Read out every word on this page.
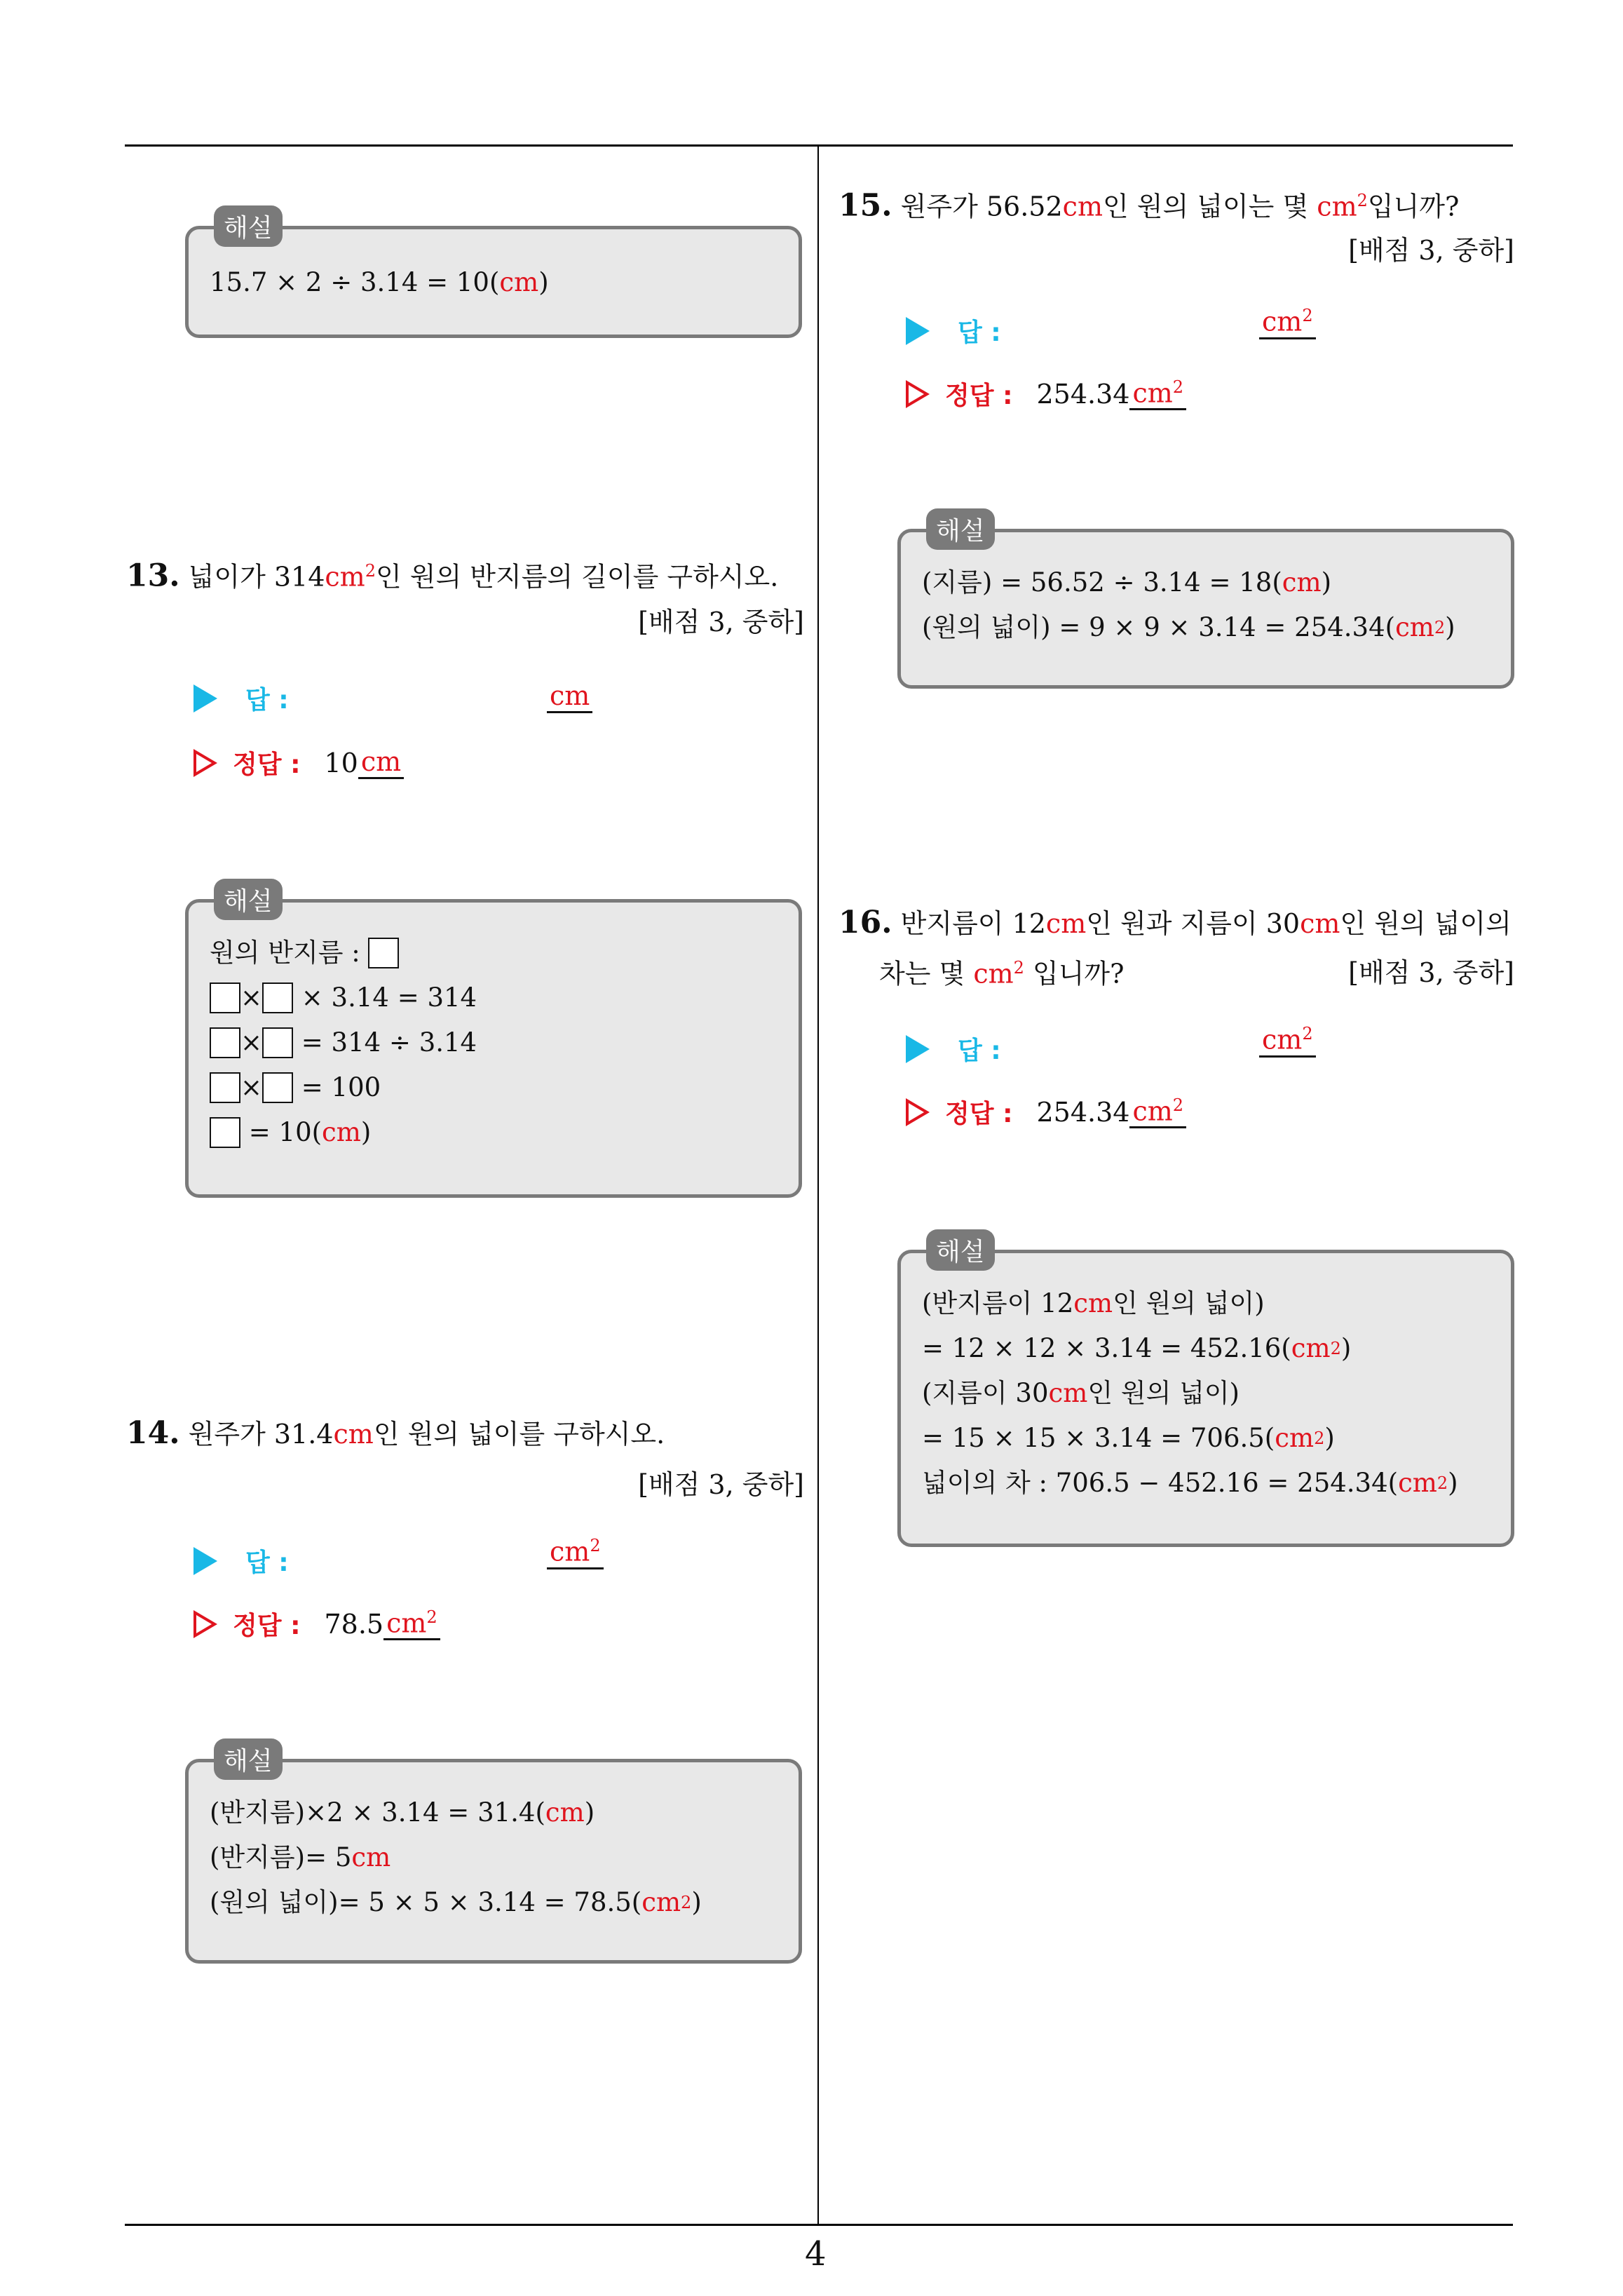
해설
15.7 × 2 ÷ 3.14 = 10( cm )
13. 넓이가 $314cm^2$인 원의 반지름의 길이를 구하시오.
[배점 3, 중하]
답 :	cm
정답 : 10 cm
해설
원의 반지름 :

×
× 3.14 = 314
×
= 314 ÷ 3.14
×
= 100

= 10( cm )
14. 원주가 31.4cm인 원의 넓이를 구하시오.
[배점 3, 중하]
답 :	$cm^2$
정답 : 78.5 $cm^2$
해설
(반지름)×2 × 3.14 = 31.4( cm )
(반지름)= 5 cm
(원의 넓이)= 5 × 5 × 3.14 = 78.5( cm 2 )
15. 원주가 56.52cm인 원의 넓이는 몇 $cm^2$입니까?
[배점 3, 중하]
답 :	$cm^2$
정답 : 254.34 $cm^2$
해설
(지름) = 56.52 ÷ 3.14 = 18( cm )
(원의 넓이) = 9 × 9 × 3.14 = 254.34( cm 2 )
16. 반지름이 12cm인 원과 지름이 30cm인 원의 넓이의
차는 몇 $cm^2$ 입니까?	[배점 3, 중하]
답 :	$cm^2$
정답 : 254.34 $cm^2$
해설
(반지름이 12 cm 인 원의 넓이)
= 12 × 12 × 3.14 = 452.16( cm 2 )
(지름이 30 cm 인 원의 넓이)
= 15 × 15 × 3.14 = 706.5( cm 2 )
넓이의 차 : 706.5 − 452.16 = 254.34( cm 2 )
4
